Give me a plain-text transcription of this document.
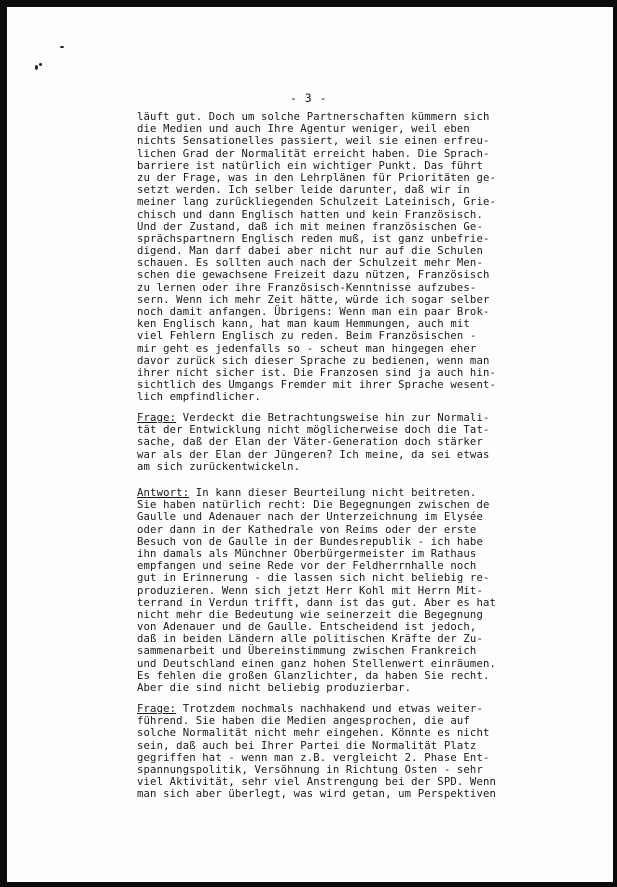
- 3 -
läuft gut. Doch um solche Partnerschaften kümmern sich
die Medien und auch Ihre Agentur weniger, weil eben
nichts Sensationelles passiert, weil sie einen erfreu-
lichen Grad der Normalität erreicht haben. Die Sprach-
barriere ist natürlich ein wichtiger Punkt. Das führt
zu der Frage, was in den Lehrplänen für Prioritäten ge-
setzt werden. Ich selber leide darunter, daß wir in
meiner lang zurückliegenden Schulzeit Lateinisch, Grie-
chisch und dann Englisch hatten und kein Französisch.
Und der Zustand, daß ich mit meinen französischen Ge-
sprächspartnern Englisch reden muß, ist ganz unbefrie-
digend. Man darf dabei aber nicht nur auf die Schulen
schauen. Es sollten auch nach der Schulzeit mehr Men-
schen die gewachsene Freizeit dazu nützen, Französisch
zu lernen oder ihre Französisch-Kenntnisse aufzubes-
sern. Wenn ich mehr Zeit hätte, würde ich sogar selber
noch damit anfangen. Übrigens: Wenn man ein paar Brok-
ken Englisch kann, hat man kaum Hemmungen, auch mit
viel Fehlern Englisch zu reden. Beim Französischen -
mir geht es jedenfalls so - scheut man hingegen eher
davor zurück sich dieser Sprache zu bedienen, wenn man
ihrer nicht sicher ist. Die Franzosen sind ja auch hin-
sichtlich des Umgangs Fremder mit ihrer Sprache wesent-
lich empfindlicher.
Frage: Verdeckt die Betrachtungsweise hin zur Normali-
tät der Entwicklung nicht möglicherweise doch die Tat-
sache, daß der Elan der Väter-Generation doch stärker
war als der Elan der Jüngeren? Ich meine, da sei etwas
am sich zurückentwickeln.
Antwort: In kann dieser Beurteilung nicht beitreten.
Sie haben natürlich recht: Die Begegnungen zwischen de
Gaulle und Adenauer nach der Unterzeichnung im Elysée
oder dann in der Kathedrale von Reims oder der erste
Besuch von de Gaulle in der Bundesrepublik - ich habe
ihn damals als Münchner Oberbürgermeister im Rathaus
empfangen und seine Rede vor der Feldherrnhalle noch
gut in Erinnerung - die lassen sich nicht beliebig re-
produzieren. Wenn sich jetzt Herr Kohl mit Herrn Mit-
terrand in Verdun trifft, dann ist das gut. Aber es hat
nicht mehr die Bedeutung wie seinerzeit die Begegnung
von Adenauer und de Gaulle. Entscheidend ist jedoch,
daß in beiden Ländern alle politischen Kräfte der Zu-
sammenarbeit und Übereinstimmung zwischen Frankreich
und Deutschland einen ganz hohen Stellenwert einräumen.
Es fehlen die großen Glanzlichter, da haben Sie recht.
Aber die sind nicht beliebig produzierbar.
Frage: Trotzdem nochmals nachhakend und etwas weiter-
führend. Sie haben die Medien angesprochen, die auf
solche Normalität nicht mehr eingehen. Könnte es nicht
sein, daß auch bei Ihrer Partei die Normalität Platz
gegriffen hat - wenn man z.B. vergleicht 2. Phase Ent-
spannungspolitik, Versöhnung in Richtung Osten - sehr
viel Aktivität, sehr viel Anstrengung bei der SPD. Wenn
man sich aber überlegt, was wird getan, um Perspektiven
